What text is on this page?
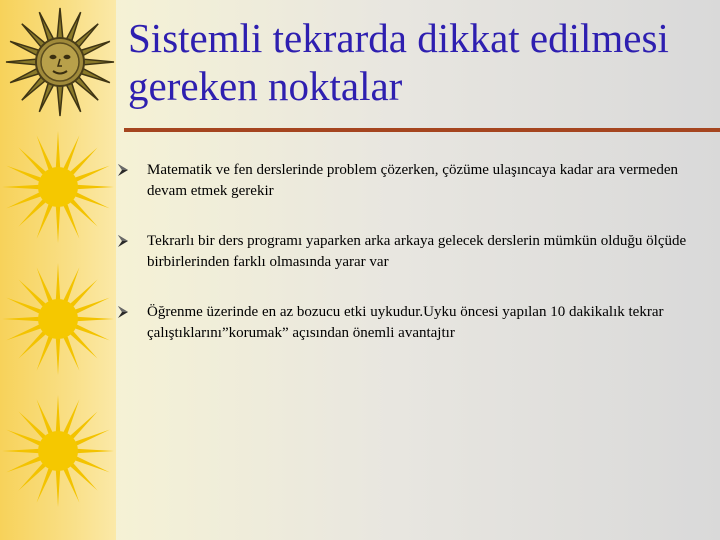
Sistemli tekrarda dikkat edilmesi gereken noktalar
Matematik ve fen derslerinde problem çözerken, çözüme ulaşıncaya kadar ara vermeden devam etmek gerekir
Tekrarlı bir ders programı yaparken arka arkaya gelecek derslerin mümkün olduğu ölçüde birbirlerinden farklı olmasında yarar var
Öğrenme üzerinde en az bozucu etki uykudur.Uyku öncesi yapılan 10 dakikalık tekrar çalıştıklarını”korumak” açısından önemli avantajtır
